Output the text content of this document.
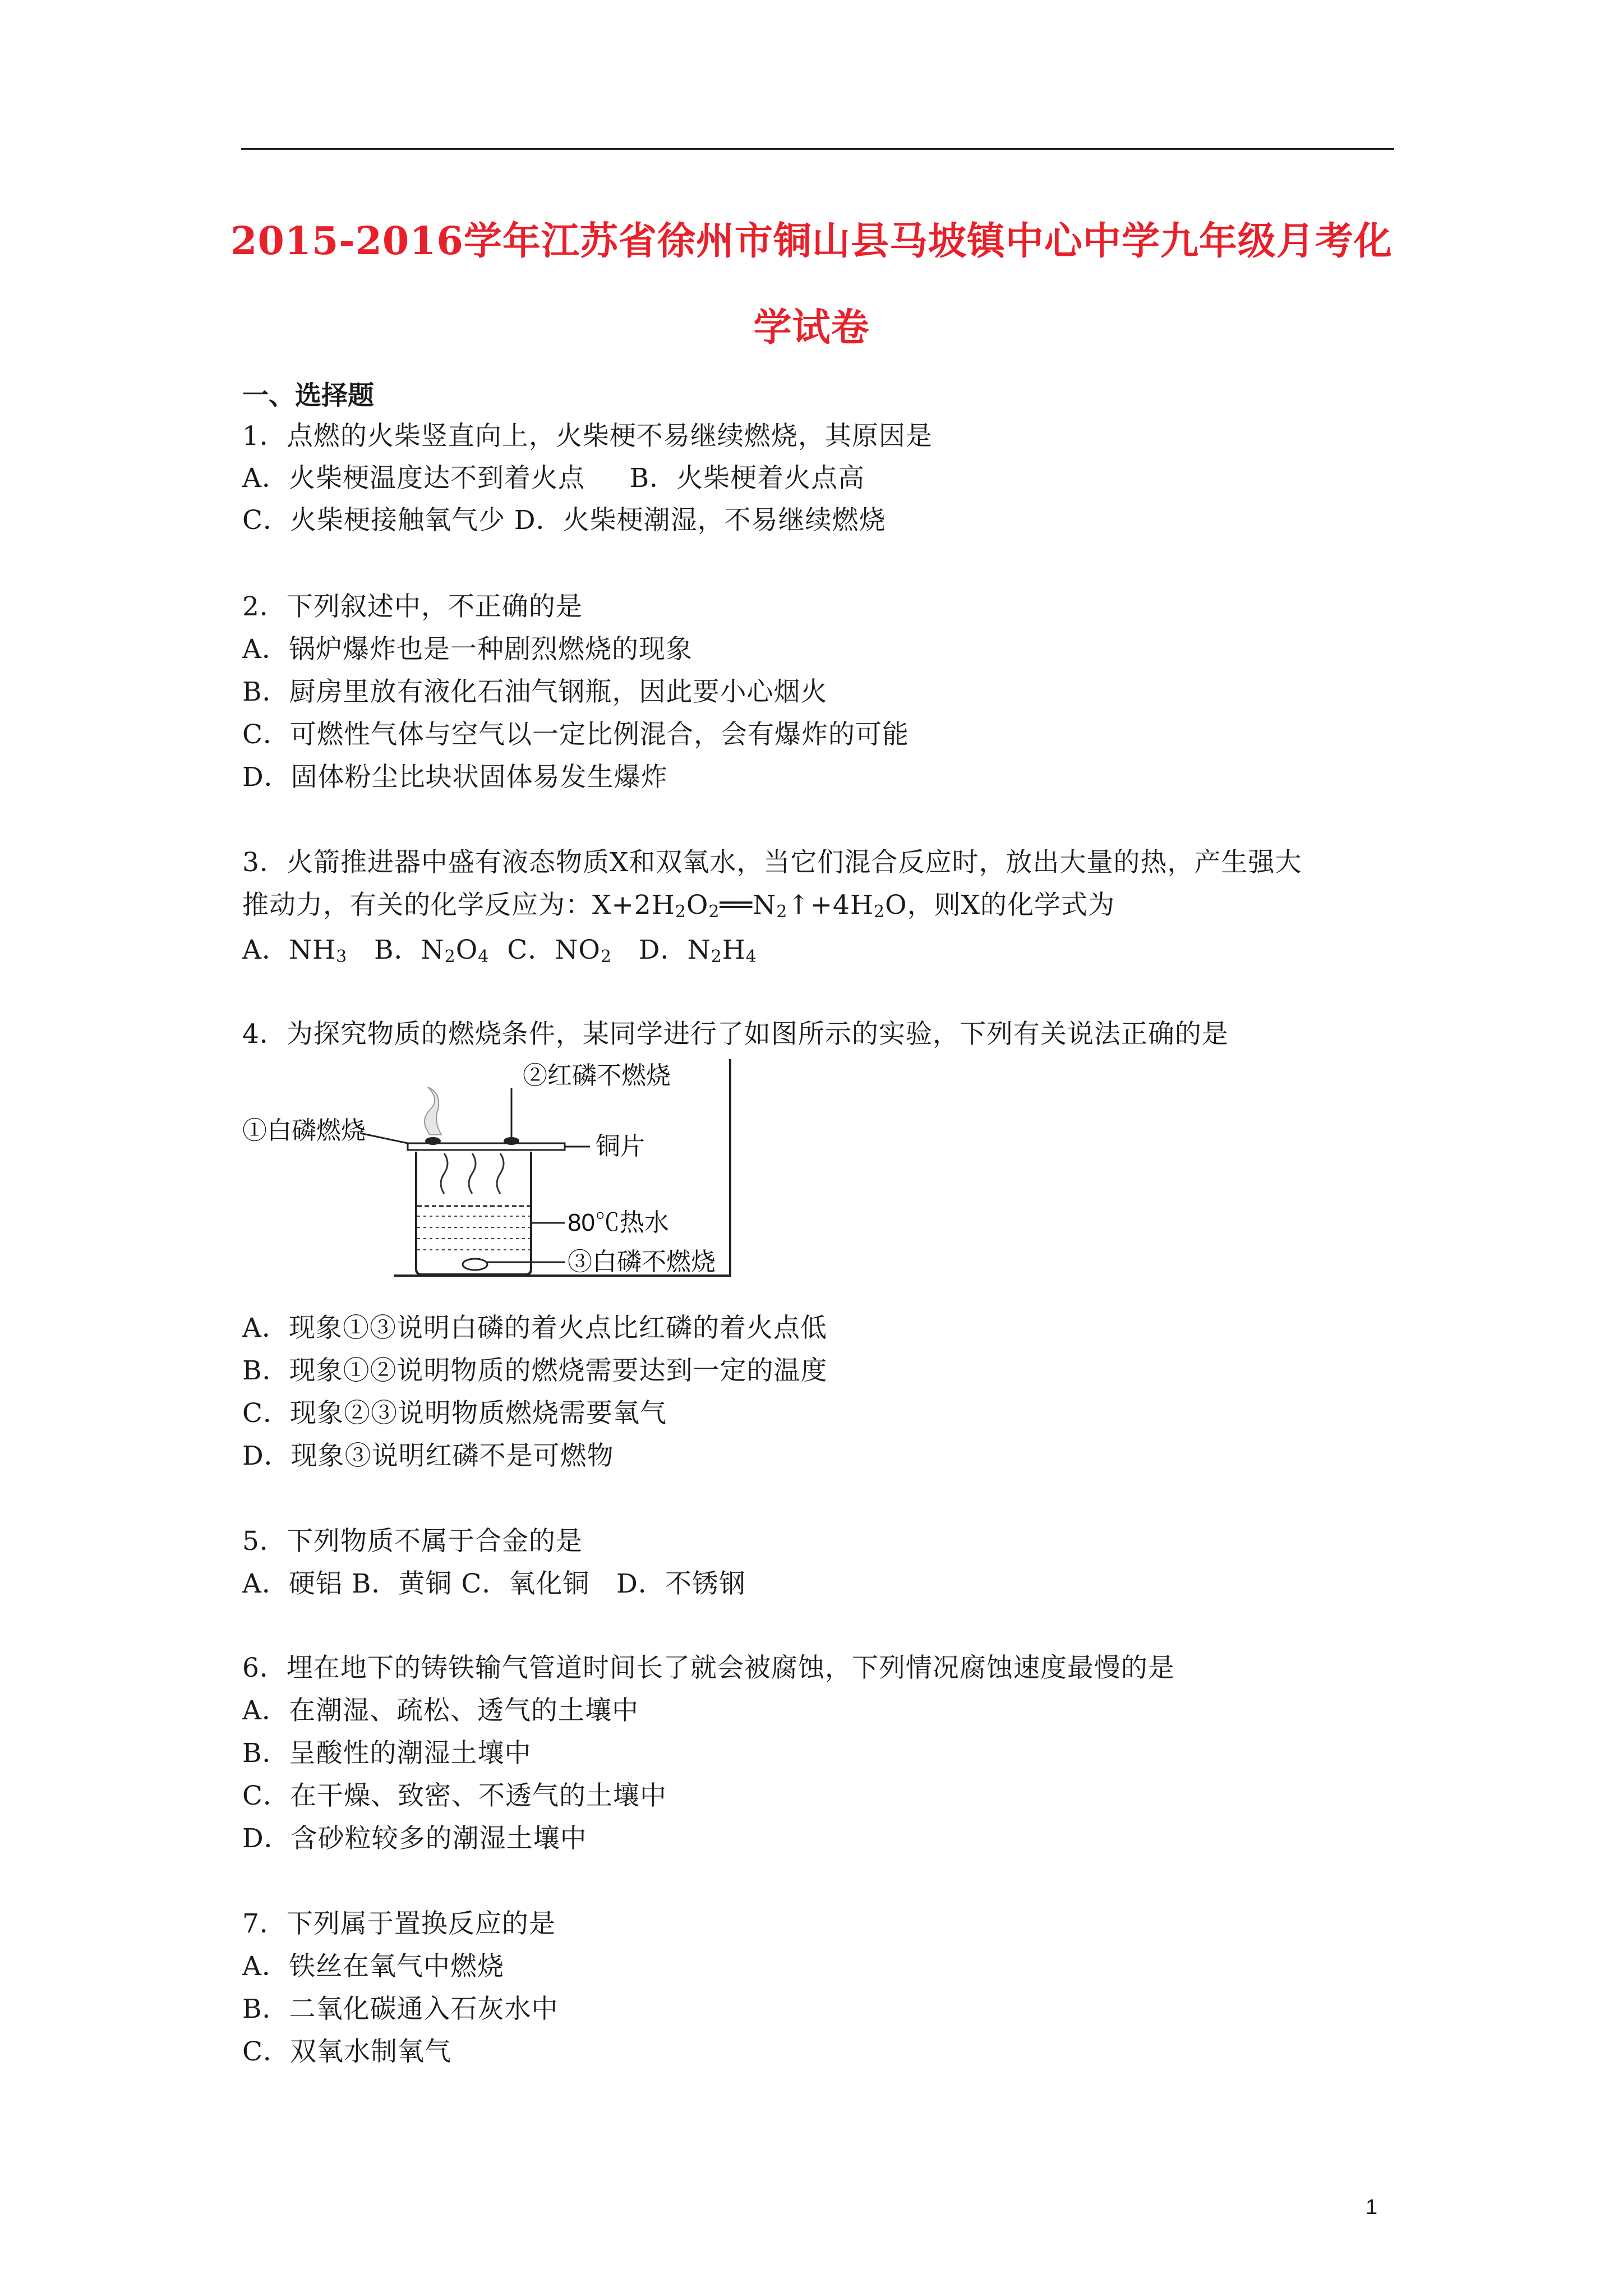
2015-2016学年江苏省徐州市铜山县马坡镇中心中学九年级月考化
学试卷
一、选择题
1．点燃的火柴竖直向上，火柴梗不易继续燃烧，其原因是
A．火柴梗温度达不到着火点     B．火柴梗着火点高
C．火柴梗接触氧气少 D．火柴梗潮湿，不易继续燃烧
2．下列叙述中，不正确的是
A．锅炉爆炸也是一种剧烈燃烧的现象
B．厨房里放有液化石油气钢瓶，因此要小心烟火
C．可燃性气体与空气以一定比例混合，会有爆炸的可能
D．固体粉尘比块状固体易发生爆炸
3．火箭推进器中盛有液态物质X和双氧水，当它们混合反应时，放出大量的热，产生强大
推动力，有关的化学反应为：$X+2H_2O_2══N_2↑+4H_2O$，则X的化学式为
A．$NH_3$   B．$N_2O_4$  C．$NO_2$   D．$N_2H_4$
4．为探究物质的燃烧条件，某同学进行了如图所示的实验，下列有关说法正确的是
②红磷不燃烧
①白磷燃烧
铜片
80℃热水
③白磷不燃烧
A．现象①③说明白磷的着火点比红磷的着火点低
B．现象①②说明物质的燃烧需要达到一定的温度
C．现象②③说明物质燃烧需要氧气
D．现象③说明红磷不是可燃物
5．下列物质不属于合金的是
A．硬铝 B．黄铜 C．氧化铜   D．不锈钢
6．埋在地下的铸铁输气管道时间长了就会被腐蚀，下列情况腐蚀速度最慢的是
A．在潮湿、疏松、透气的土壤中
B．呈酸性的潮湿土壤中
C．在干燥、致密、不透气的土壤中
D．含砂粒较多的潮湿土壤中
7．下列属于置换反应的是
A．铁丝在氧气中燃烧
B．二氧化碳通入石灰水中
C．双氧水制氧气
1
